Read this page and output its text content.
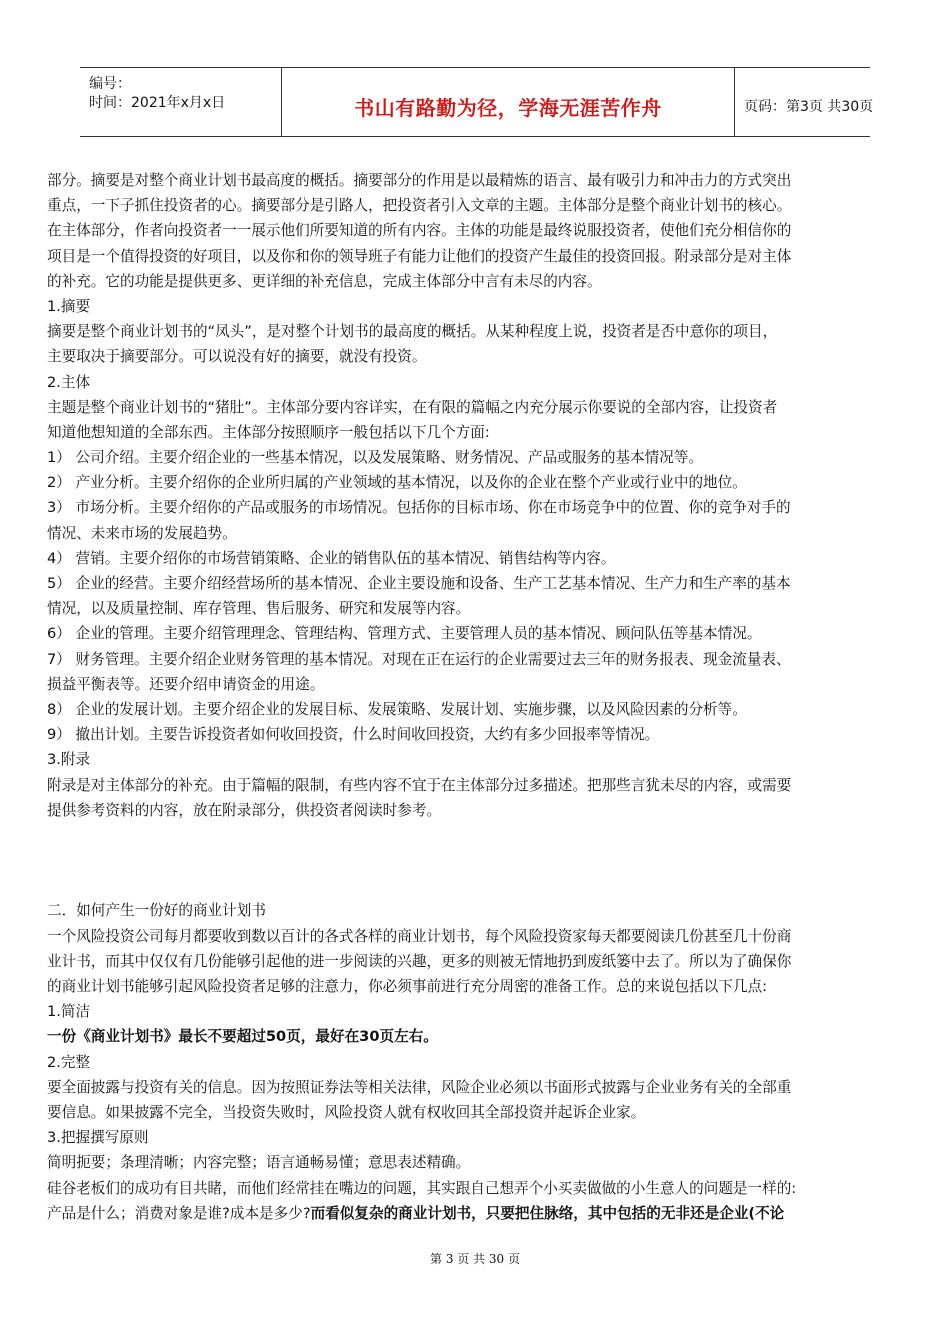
编号：
时间：2021年x月x日	书山有路勤为径，学海无涯苦作舟	页码：第3页 共30页
部分。摘要是对整个商业计划书最高度的概括。摘要部分的作用是以最精炼的语言、最有吸引力和冲击力的方式突出
重点，一下子抓住投资者的心。摘要部分是引路人，把投资者引入文章的主题。主体部分是整个商业计划书的核心。
在主体部分，作者向投资者一一展示他们所要知道的所有内容。主体的功能是最终说服投资者，使他们充分相信你的
项目是一个值得投资的好项目，以及你和你的领导班子有能力让他们的投资产生最佳的投资回报。附录部分是对主体
的补充。它的功能是提供更多、更详细的补充信息，完成主体部分中言有未尽的内容。
1.摘要
摘要是整个商业计划书的“凤头”，是对整个计划书的最高度的概括。从某种程度上说，投资者是否中意你的项目，
主要取决于摘要部分。可以说没有好的摘要，就没有投资。
2.主体
主题是整个商业计划书的“猪肚”。主体部分要内容详实，在有限的篇幅之内充分展示你要说的全部内容，让投资者
知道他想知道的全部东西。主体部分按照顺序一般包括以下几个方面:
1） 公司介绍。主要介绍企业的一些基本情况，以及发展策略、财务情况、产品或服务的基本情况等。
2） 产业分析。主要介绍你的企业所归属的产业领域的基本情况，以及你的企业在整个产业或行业中的地位。
3） 市场分析。主要介绍你的产品或服务的市场情况。包括你的目标市场、你在市场竞争中的位置、你的竞争对手的
情况、未来市场的发展趋势。
4） 营销。主要介绍你的市场营销策略、企业的销售队伍的基本情况、销售结构等内容。
5） 企业的经营。主要介绍经营场所的基本情况、企业主要设施和设备、生产工艺基本情况、生产力和生产率的基本
情况，以及质量控制、库存管理、售后服务、研究和发展等内容。
6） 企业的管理。主要介绍管理理念、管理结构、管理方式、主要管理人员的基本情况、顾问队伍等基本情况。
7） 财务管理。主要介绍企业财务管理的基本情况。对现在正在运行的企业需要过去三年的财务报表、现金流量表、
损益平衡表等。还要介绍申请资金的用途。
8） 企业的发展计划。主要介绍企业的发展目标、发展策略、发展计划、实施步骤，以及风险因素的分析等。
9） 撤出计划。主要告诉投资者如何收回投资，什么时间收回投资，大约有多少回报率等情况。
3.附录
附录是对主体部分的补充。由于篇幅的限制，有些内容不宜于在主体部分过多描述。把那些言犹未尽的内容，或需要
提供参考资料的内容，放在附录部分，供投资者阅读时参考。
二．如何产生一份好的商业计划书
一个风险投资公司每月都要收到数以百计的各式各样的商业计划书，每个风险投资家每天都要阅读几份甚至几十份商
业计书，而其中仅仅有几份能够引起他的进一步阅读的兴趣，更多的则被无情地扔到废纸篓中去了。所以为了确保你
的商业计划书能够引起风险投资者足够的注意力，你必须事前进行充分周密的准备工作。总的来说包括以下几点:
1.简洁
一份《商业计划书》最长不要超过50页，最好在30页左右。
2.完整
要全面披露与投资有关的信息。因为按照证券法等相关法律，风险企业必须以书面形式披露与企业业务有关的全部重
要信息。如果披露不完全，当投资失败时，风险投资人就有权收回其全部投资并起诉企业家。
3.把握撰写原则
简明扼要；条理清晰；内容完整；语言通畅易懂；意思表述精确。
硅谷老板们的成功有目共睹，而他们经常挂在嘴边的问题，其实跟自己想弄个小买卖做做的小生意人的问题是一样的:
产品是什么；消费对象是谁?成本是多少?而看似复杂的商业计划书，只要把住脉络，其中包括的无非还是企业(不论
第 3 页 共 30 页
